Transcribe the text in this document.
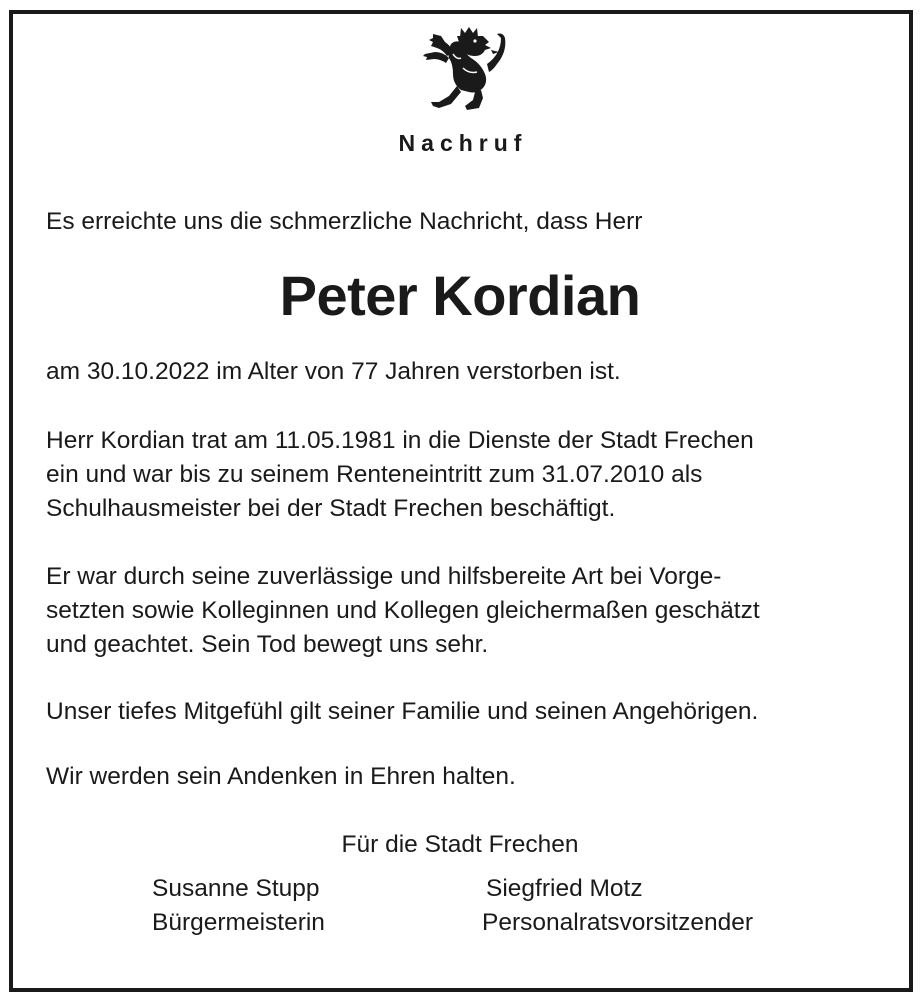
Nachruf
Es erreichte uns die schmerzliche Nachricht, dass Herr
Peter Kordian
am 30.10.2022 im Alter von 77 Jahren verstorben ist.
Herr Kordian trat am 11.05.1981 in die Dienste der Stadt Frechen
ein und war bis zu seinem Renteneintritt zum 31.07.2010 als
Schulhausmeister bei der Stadt Frechen beschäftigt.
Er war durch seine zuverlässige und hilfsbereite Art bei Vorge-
setzten sowie Kolleginnen und Kollegen gleichermaßen geschätzt
und geachtet. Sein Tod bewegt uns sehr.
Unser tiefes Mitgefühl gilt seiner Familie und seinen Angehörigen.
Wir werden sein Andenken in Ehren halten.
Für die Stadt Frechen
Susanne Stupp
Bürgermeisterin
Siegfried Motz
Personalratsvorsitzender
